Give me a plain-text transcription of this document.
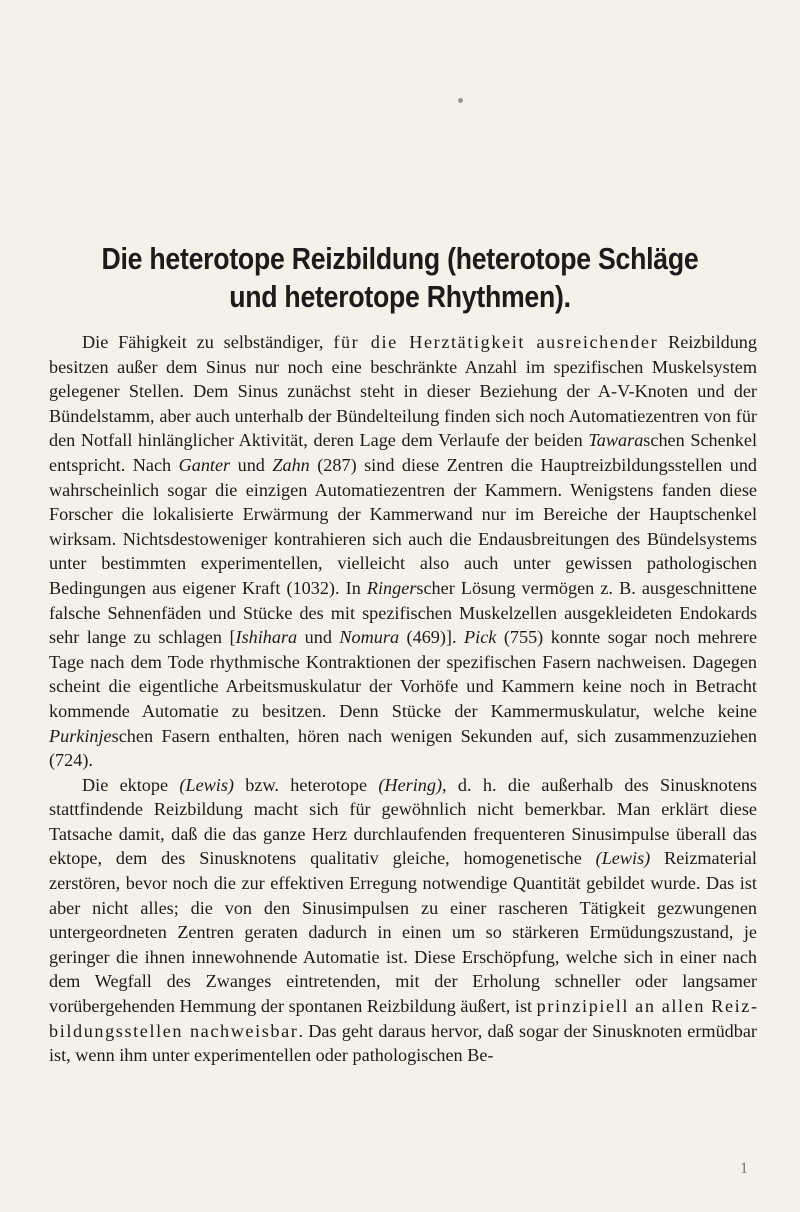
Die heterotope Reizbildung (heterotope Schläge
und heterotope Rhythmen).

Die Fähigkeit zu selbständiger, für die Herztätigkeit ausreichender Reizbildung besitzen außer dem Sinus nur noch eine beschränkte Anzahl im spezifischen Muskelsystem gelegener Stellen. Dem Sinus zunächst steht in dieser Beziehung der A-V-Knoten und der Bündelstamm, aber auch unterhalb der Bündelteilung finden sich noch Automatiezentren von für den Notfall hinlänglicher Aktivität, deren Lage dem Verlaufe der beiden Tawaraschen Schenkel entspricht. Nach Ganter und Zahn (287) sind diese Zentren die Hauptreizbildungsstellen und wahrscheinlich sogar die einzigen Automatiezentren der Kammern. Wenigstens fanden diese Forscher die lokalisierte Erwärmung der Kammerwand nur im Bereiche der Hauptschenkel wirksam. Nichtsdestoweniger kontrahieren sich auch die Endausbreitungen des Bündelsystems unter bestimmten experimentellen, vielleicht also auch unter gewissen pathologischen Bedingungen aus eigener Kraft (1032). In Ringerscher Lösung vermögen z. B. ausgeschnittene falsche Sehnenfäden und Stücke des mit spezifischen Muskelzellen ausgekleideten Endokards sehr lange zu schlagen [Ishihara und Nomura (469)]. Pick (755) konnte sogar noch mehrere Tage nach dem Tode rhythmische Kontraktionen der spezifischen Fasern nachweisen. Dagegen scheint die eigentliche Arbeitsmuskulatur der Vorhöfe und Kammern keine noch in Betracht kommende Automatie zu besitzen. Denn Stücke der Kammermuskulatur, welche keine Purkinjeschen Fasern enthalten, hören nach wenigen Sekunden auf, sich zusammenzuziehen (724).

Die ektope (Lewis) bzw. heterotope (Hering), d. h. die außerhalb des Sinusknotens stattfindende Reizbildung macht sich für gewöhnlich nicht bemerkbar. Man erklärt diese Tatsache damit, daß die das ganze Herz durchlaufenden frequenteren Sinusimpulse überall das ektope, dem des Sinusknotens qualitativ gleiche, homogenetische (Lewis) Reizmaterial zerstören, bevor noch die zur effektiven Erregung notwendige Quantität gebildet wurde. Das ist aber nicht alles; die von den Sinusimpulsen zu einer rascheren Tätigkeit gezwungenen untergeordneten Zentren geraten dadurch in einen um so stärkeren Ermüdungszustand, je geringer die ihnen innewohnende Automatie ist. Diese Erschöpfung, welche sich in einer nach dem Wegfall des Zwanges eintretenden, mit der Erholung schneller oder langsamer vorübergehenden Hemmung der spontanen Reizbildung äußert, ist prinzipiell an allen Reizbildungsstellen nachweisbar. Das geht daraus hervor, daß sogar der Sinusknoten ermüdbar ist, wenn ihm unter experimentellen oder pathologischen Be-

1
